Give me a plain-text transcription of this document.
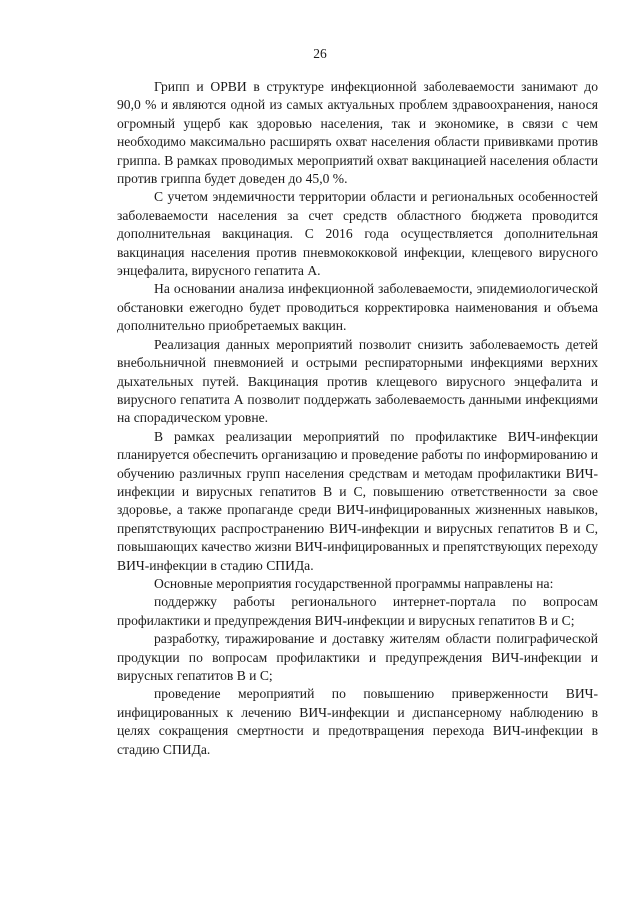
26

Грипп и ОРВИ в структуре инфекционной заболеваемости занимают до 90,0 % и являются одной из самых актуальных проблем здравоохранения, нанося огромный ущерб как здоровью населения, так и экономике, в связи с чем необходимо максимально расширять охват населения области прививками против гриппа. В рамках проводимых мероприятий охват вакцинацией населения области против гриппа будет доведен до 45,0 %.

С учетом эндемичности территории области и региональных особенностей заболеваемости населения за счет средств областного бюджета проводится дополнительная вакцинация. С 2016 года осуществляется дополнительная вакцинация населения против пневмококковой инфекции, клещевого вирусного энцефалита, вирусного гепатита А.

На основании анализа инфекционной заболеваемости, эпидемиологической обстановки ежегодно будет проводиться корректировка наименования и объема дополнительно приобретаемых вакцин.

Реализация данных мероприятий позволит снизить заболеваемость детей внебольничной пневмонией и острыми респираторными инфекциями верхних дыхательных путей. Вакцинация против клещевого вирусного энцефалита и вирусного гепатита А позволит поддержать заболеваемость данными инфекциями на спорадическом уровне.

В рамках реализации мероприятий по профилактике ВИЧ-инфекции планируется обеспечить организацию и проведение работы по информированию и обучению различных групп населения средствам и методам профилактики ВИЧ-инфекции и вирусных гепатитов В и С, повышению ответственности за свое здоровье, а также пропаганде среди ВИЧ-инфицированных жизненных навыков, препятствующих распространению ВИЧ-инфекции и вирусных гепатитов В и С, повышающих качество жизни ВИЧ-инфицированных и препятствующих переходу ВИЧ-инфекции в стадию СПИДа.

Основные мероприятия государственной программы направлены на:

поддержку работы регионального интернет-портала по вопросам профилактики и предупреждения ВИЧ-инфекции и вирусных гепатитов В и С;

разработку, тиражирование и доставку жителям области полиграфической продукции по вопросам профилактики и предупреждения ВИЧ-инфекции и вирусных гепатитов В и С;

проведение мероприятий по повышению приверженности ВИЧ-инфицированных к лечению ВИЧ-инфекции и диспансерному наблюдению в целях сокращения смертности и предотвращения перехода ВИЧ-инфекции в стадию СПИДа.
